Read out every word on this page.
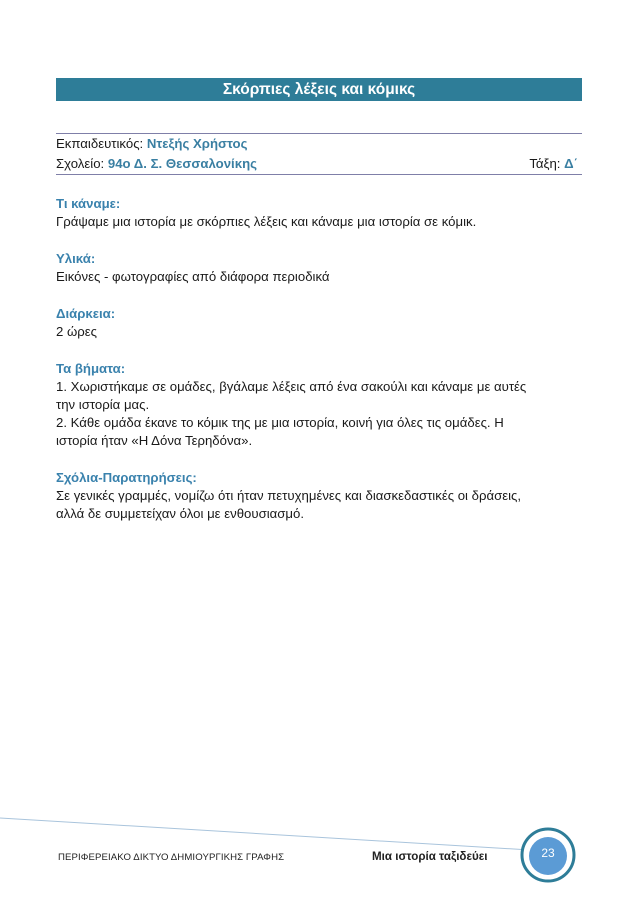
Σκόρπιες λέξεις και κόμικς
Εκπαιδευτικός: Ντεξής Χρήστος
Σχολείο: 94ο Δ. Σ. Θεσσαλονίκης	Τάξη: Δ΄
Τι κάναμε:
Γράψαμε μια ιστορία με σκόρπιες λέξεις και κάναμε μια ιστορία σε κόμικ.
Υλικά:
Εικόνες - φωτογραφίες από διάφορα περιοδικά
Διάρκεια:
2 ώρες
Τα βήματα:
1. Χωριστήκαμε σε ομάδες, βγάλαμε λέξεις από ένα σακούλι και κάναμε με αυτές
την ιστορία μας.
2. Κάθε ομάδα έκανε το κόμικ της με μια ιστορία, κοινή για όλες τις ομάδες. Η
ιστορία ήταν «Η Δόνα Τερηδόνα».
Σχόλια-Παρατηρήσεις:
Σε γενικές γραμμές, νομίζω ότι ήταν πετυχημένες και διασκεδαστικές οι δράσεις,
αλλά δε συμμετείχαν όλοι με ενθουσιασμό.
ΠΕΡΙΦΕΡΕΙΑΚΟ ΔΙΚΤΥΟ ΔΗΜΙΟΥΡΓΙΚΗΣ ΓΡΑΦΗΣ	Μια ιστορία ταξιδεύει	23
